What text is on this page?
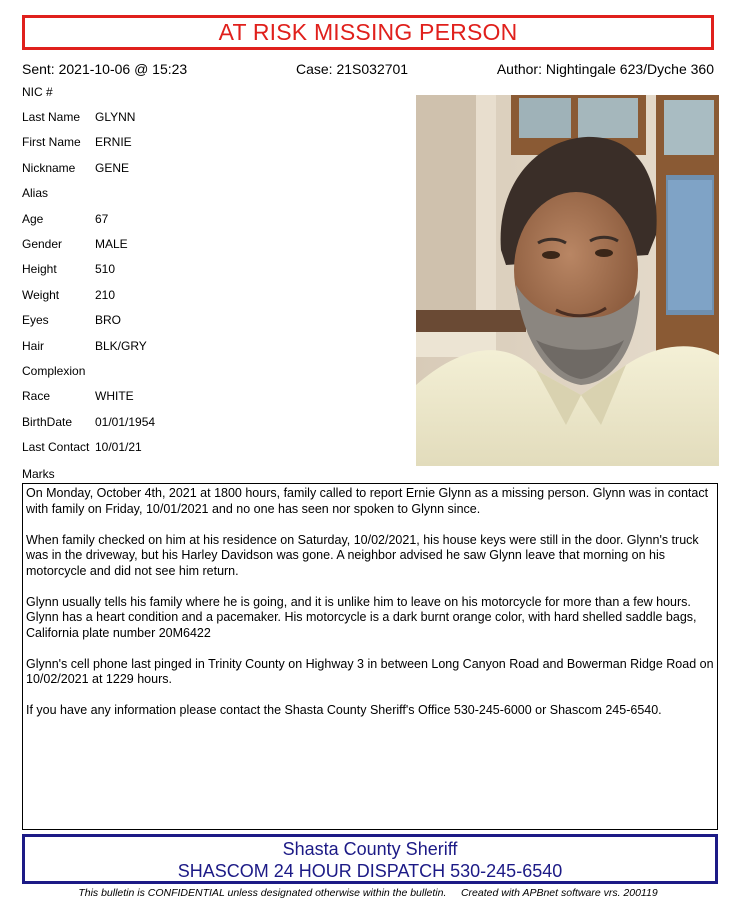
AT RISK MISSING PERSON
Sent: 2021-10-06 @ 15:23	Case: 21S032701	Author: Nightingale 623/Dyche 360
NIC #
Last Name GLYNN
First Name ERNIE
Nickname GENE
Alias
Age	67
Gender	MALE
Height	510
Weight	210
Eyes	BRO
Hair	BLK/GRY
Complexion
Race	WHITE
BirthDate 01/01/1954
Last Contact 10/01/21
Marks

On Monday, October 4th, 2021 at 1800 hours, family called to report Ernie Glynn as a missing person. Glynn was in contact with family on Friday, 10/01/2021 and no one has seen nor spoken to Glynn since.

When family checked on him at his residence on Saturday, 10/02/2021, his house keys were still in the door. Glynn's truck was in the driveway, but his Harley Davidson was gone. A neighbor advised he saw Glynn leave that morning on his motorcycle and did not see him return.

Glynn usually tells his family where he is going, and it is unlike him to leave on his motorcycle for more than a few hours. Glynn has a heart condition and a pacemaker. His motorcycle is a dark burnt orange color, with hard shelled saddle bags, California plate number 20M6422

Glynn's cell phone last pinged in Trinity County on Highway 3 in between Long Canyon Road and Bowerman Ridge Road on 10/02/2021 at 1229 hours.

If you have any information please contact the Shasta County Sheriff's Office 530-245-6000 or Shascom 245-6540.

Shasta County Sheriff
SHASCOM 24 HOUR DISPATCH 530-245-6540
This bulletin is CONFIDENTIAL unless designated otherwise within the bulletin.     Created with APBnet software vrs. 200119
